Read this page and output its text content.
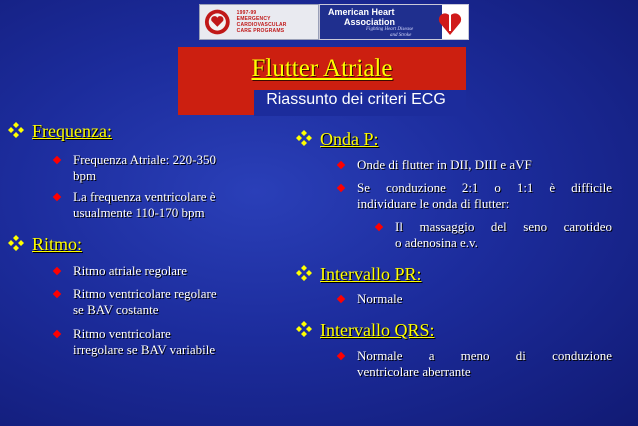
1997-99
EMERGENCY CARDIOVASCULAR
CARE PROGRAMS
American Heart
Association
Fighting Heart Disease
and Stroke
Flutter Atriale
Riassunto dei criteri ECG
Frequenza:
Frequenza Atriale: 220-350
bpm
La frequenza ventricolare è
usualmente 110-170 bpm
Ritmo:
Ritmo atriale regolare
Ritmo ventricolare regolare
se BAV costante
Ritmo ventricolare
irregolare se BAV variabile
Onda P:
Onde di flutter in DII, DIII e aVF
Se conduzione 2:1 o 1:1 è difficile
individuare le onda di flutter:
Il massaggio del seno carotideo
o adenosina e.v.
Intervallo PR:
Normale
Intervallo QRS:
Normale a meno di conduzione
ventricolare aberrante
